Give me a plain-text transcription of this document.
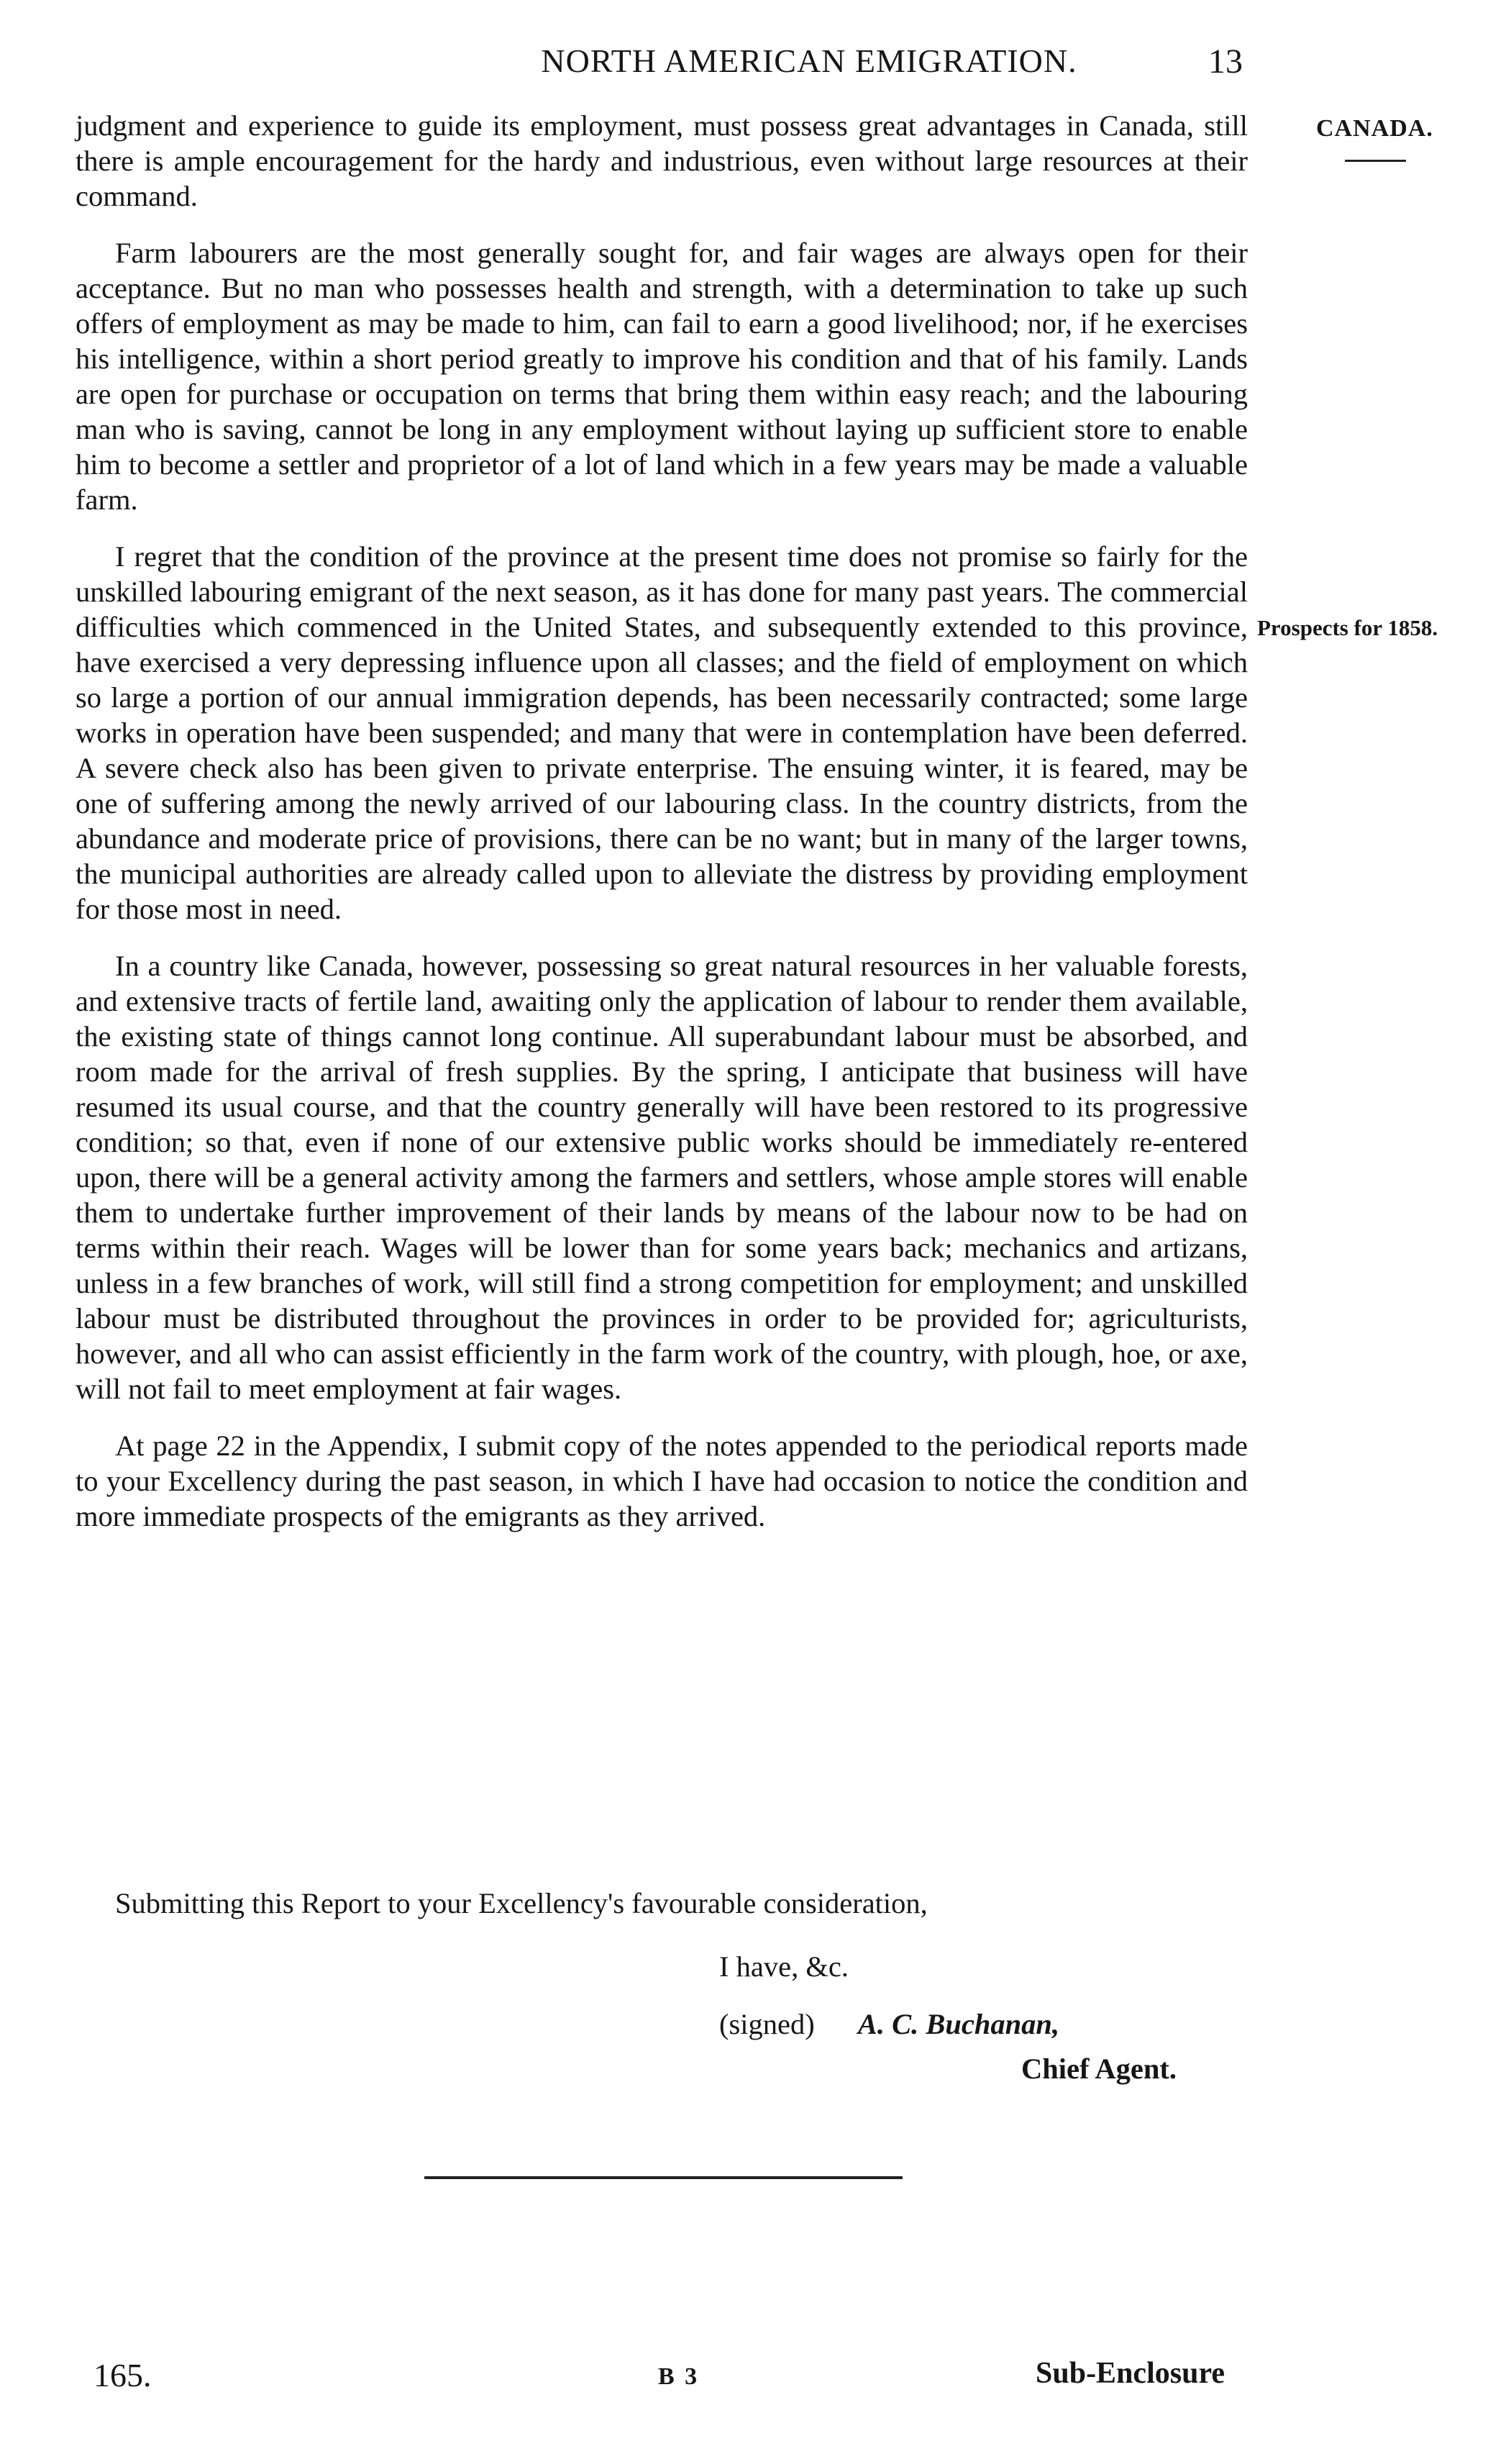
NORTH AMERICAN EMIGRATION.	13
CANADA.
Prospects for 1858.

judgment and experience to guide its employment, must possess great advantages in Canada, still there is ample encouragement for the hardy and industrious, even without large resources at their command.

Farm labourers are the most generally sought for, and fair wages are always open for their acceptance. But no man who possesses health and strength, with a determination to take up such offers of employment as may be made to him, can fail to earn a good livelihood; nor, if he exercises his intelligence, within a short period greatly to improve his condition and that of his family. Lands are open for purchase or occupation on terms that bring them within easy reach; and the labouring man who is saving, cannot be long in any employment without laying up sufficient store to enable him to become a settler and proprietor of a lot of land which in a few years may be made a valuable farm.

I regret that the condition of the province at the present time does not promise so fairly for the unskilled labouring emigrant of the next season, as it has done for many past years. The commercial difficulties which commenced in the United States, and subsequently extended to this province, have exercised a very depressing influence upon all classes; and the field of employment on which so large a portion of our annual immigration depends, has been necessarily contracted; some large works in operation have been suspended; and many that were in contemplation have been deferred. A severe check also has been given to private enterprise. The ensuing winter, it is feared, may be one of suffering among the newly arrived of our labouring class. In the country districts, from the abundance and moderate price of provisions, there can be no want; but in many of the larger towns, the municipal authorities are already called upon to alleviate the distress by providing employment for those most in need.

In a country like Canada, however, possessing so great natural resources in her valuable forests, and extensive tracts of fertile land, awaiting only the application of labour to render them available, the existing state of things cannot long continue. All superabundant labour must be absorbed, and room made for the arrival of fresh supplies. By the spring, I anticipate that business will have resumed its usual course, and that the country generally will have been restored to its progressive condition; so that, even if none of our extensive public works should be immediately re-entered upon, there will be a general activity among the farmers and settlers, whose ample stores will enable them to undertake further improvement of their lands by means of the labour now to be had on terms within their reach. Wages will be lower than for some years back; mechanics and artizans, unless in a few branches of work, will still find a strong competition for employment; and unskilled labour must be distributed throughout the provinces in order to be provided for; agriculturists, however, and all who can assist efficiently in the farm work of the country, with plough, hoe, or axe, will not fail to meet employment at fair wages.

At page 22 in the Appendix, I submit copy of the notes appended to the periodical reports made to your Excellency during the past season, in which I have had occasion to notice the condition and more immediate prospects of the emigrants as they arrived.

Submitting this Report to your Excellency's favourable consideration,
I have, &c.
(signed) A. C. Buchanan,
Chief Agent.
165.	B 3	Sub-Enclosure
